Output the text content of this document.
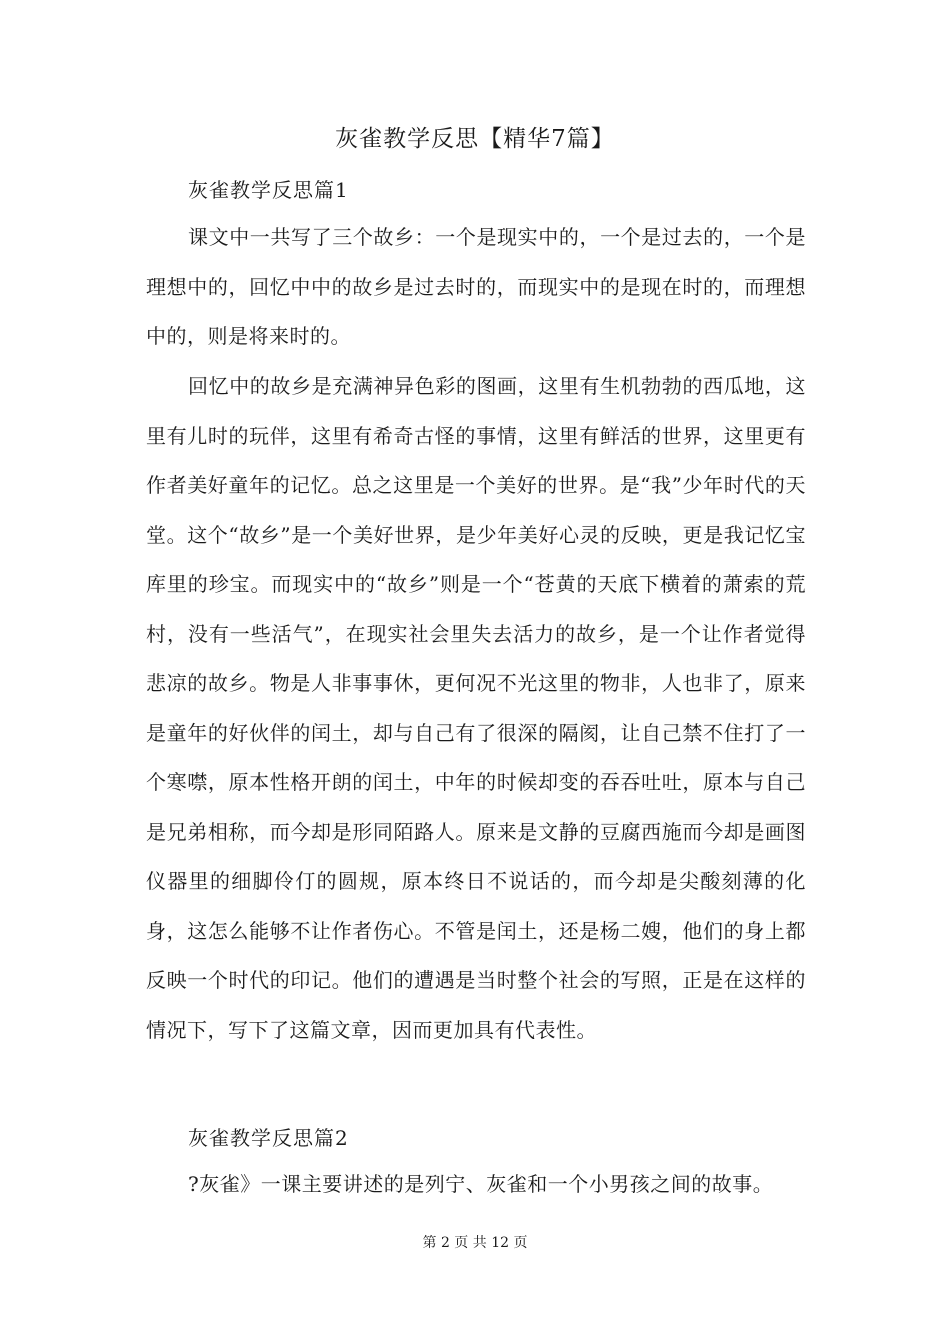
灰雀教学反思【精华7篇】
灰雀教学反思篇1
课文中一共写了三个故乡：一个是现实中的，一个是过去的，一个是理想中的，回忆中中的故乡是过去时的，而现实中的是现在时的，而理想中的，则是将来时的。
回忆中的故乡是充满神异色彩的图画，这里有生机勃勃的西瓜地，这里有儿时的玩伴，这里有希奇古怪的事情，这里有鲜活的世界，这里更有作者美好童年的记忆。总之这里是一个美好的世界。是“我”少年时代的天堂。这个“故乡”是一个美好世界，是少年美好心灵的反映，更是我记忆宝库里的珍宝。而现实中的“故乡”则是一个“苍黄的天底下横着的萧索的荒村，没有一些活气”，在现实社会里失去活力的故乡，是一个让作者觉得悲凉的故乡。物是人非事事休，更何况不光这里的物非，人也非了，原来是童年的好伙伴的闰土，却与自己有了很深的隔阂，让自己禁不住打了一个寒噤，原本性格开朗的闰土，中年的时候却变的吞吞吐吐，原本与自己是兄弟相称，而今却是形同陌路人。原来是文静的豆腐西施而今却是画图仪器里的细脚伶仃的圆规，原本终日不说话的，而今却是尖酸刻薄的化身，这怎么能够不让作者伤心。不管是闰土，还是杨二嫂，他们的身上都反映一个时代的印记。他们的遭遇是当时整个社会的写照，正是在这样的情况下，写下了这篇文章，因而更加具有代表性。
灰雀教学反思篇2
?灰雀》一课主要讲述的是列宁、灰雀和一个小男孩之间的故事。
第 2 页 共 12 页
